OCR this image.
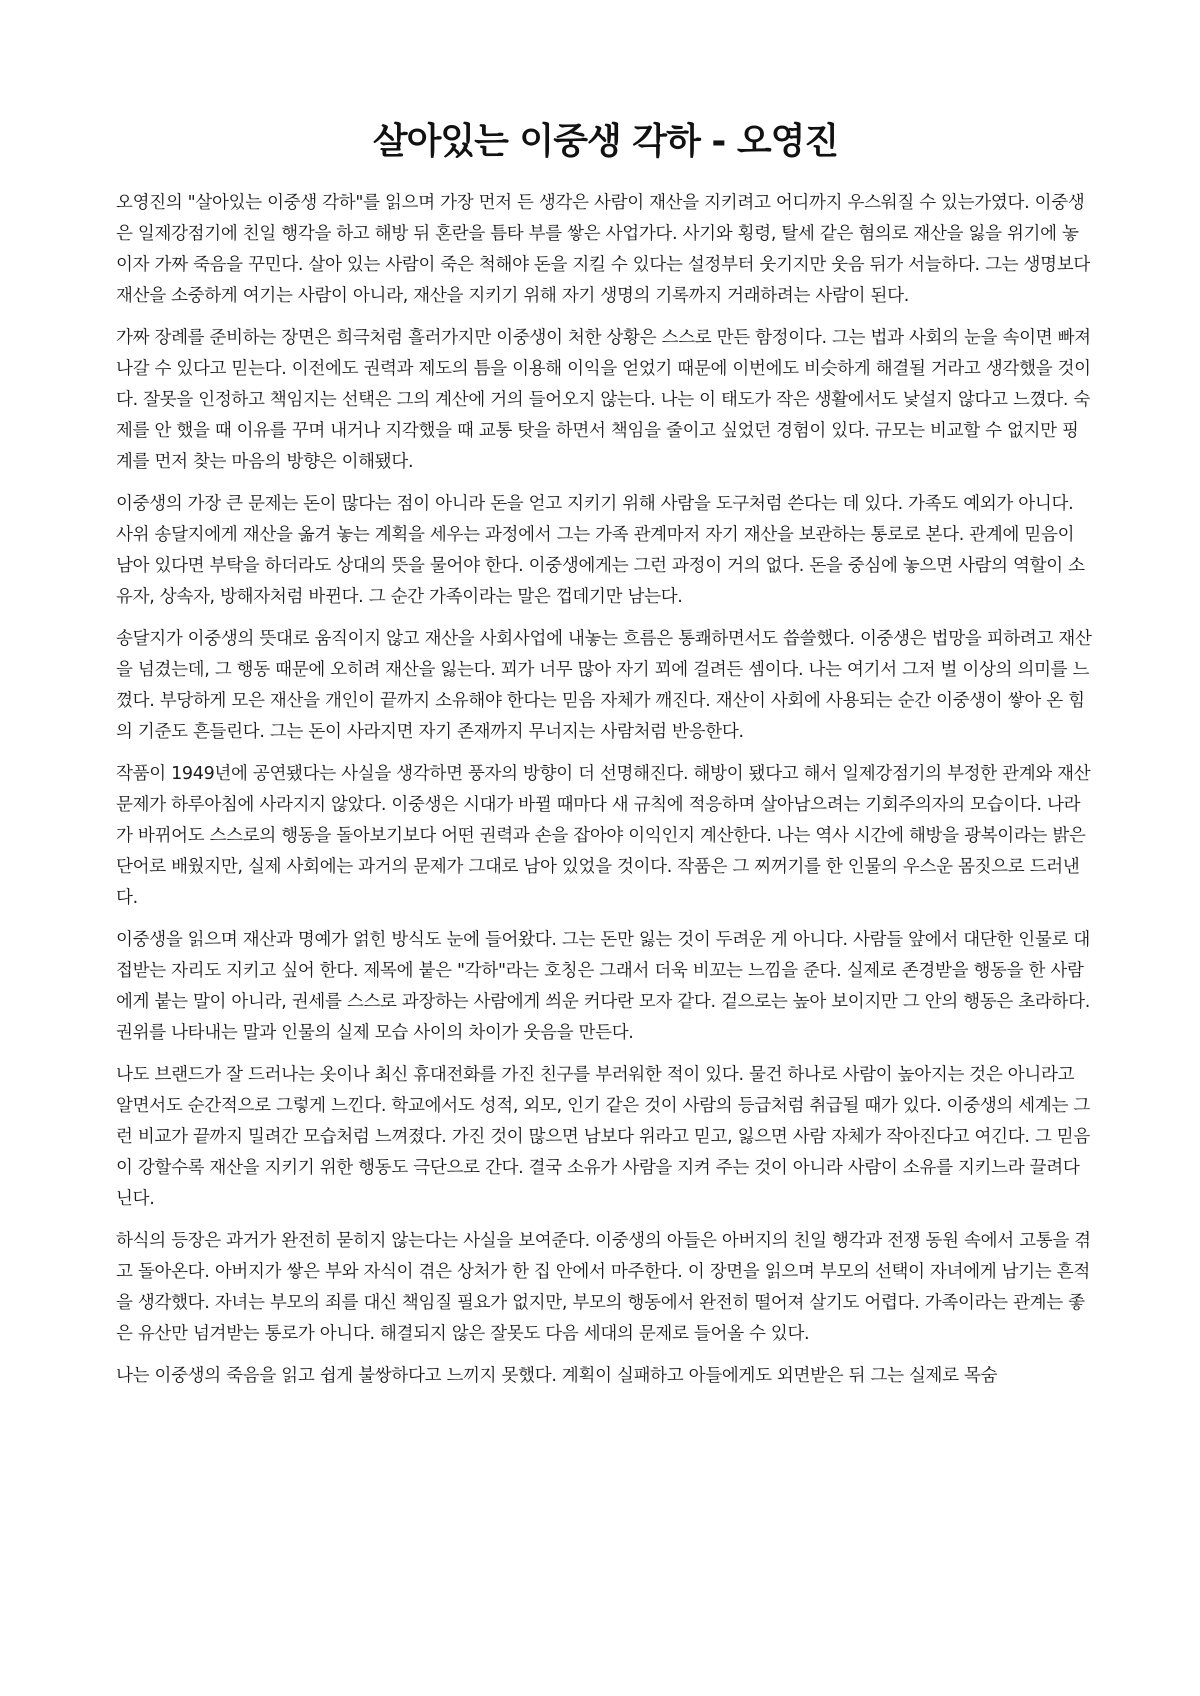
살아있는 이중생 각하 - 오영진

오영진의 "살아있는 이중생 각하"를 읽으며 가장 먼저 든 생각은 사람이 재산을 지키려고 어디까지 우스워질 수 있는가였다. 이중생은 일제강점기에 친일 행각을 하고 해방 뒤 혼란을 틈타 부를 쌓은 사업가다. 사기와 횡령, 탈세 같은 혐의로 재산을 잃을 위기에 놓이자 가짜 죽음을 꾸민다. 살아 있는 사람이 죽은 척해야 돈을 지킬 수 있다는 설정부터 웃기지만 웃음 뒤가 서늘하다. 그는 생명보다 재산을 소중하게 여기는 사람이 아니라, 재산을 지키기 위해 자기 생명의 기록까지 거래하려는 사람이 된다.

가짜 장례를 준비하는 장면은 희극처럼 흘러가지만 이중생이 처한 상황은 스스로 만든 함정이다. 그는 법과 사회의 눈을 속이면 빠져나갈 수 있다고 믿는다. 이전에도 권력과 제도의 틈을 이용해 이익을 얻었기 때문에 이번에도 비슷하게 해결될 거라고 생각했을 것이다. 잘못을 인정하고 책임지는 선택은 그의 계산에 거의 들어오지 않는다. 나는 이 태도가 작은 생활에서도 낯설지 않다고 느꼈다. 숙제를 안 했을 때 이유를 꾸며 내거나 지각했을 때 교통 탓을 하면서 책임을 줄이고 싶었던 경험이 있다. 규모는 비교할 수 없지만 핑계를 먼저 찾는 마음의 방향은 이해됐다.

이중생의 가장 큰 문제는 돈이 많다는 점이 아니라 돈을 얻고 지키기 위해 사람을 도구처럼 쓴다는 데 있다. 가족도 예외가 아니다. 사위 송달지에게 재산을 옮겨 놓는 계획을 세우는 과정에서 그는 가족 관계마저 자기 재산을 보관하는 통로로 본다. 관계에 믿음이 남아 있다면 부탁을 하더라도 상대의 뜻을 물어야 한다. 이중생에게는 그런 과정이 거의 없다. 돈을 중심에 놓으면 사람의 역할이 소유자, 상속자, 방해자처럼 바뀐다. 그 순간 가족이라는 말은 껍데기만 남는다.

송달지가 이중생의 뜻대로 움직이지 않고 재산을 사회사업에 내놓는 흐름은 통쾌하면서도 씁쓸했다. 이중생은 법망을 피하려고 재산을 넘겼는데, 그 행동 때문에 오히려 재산을 잃는다. 꾀가 너무 많아 자기 꾀에 걸려든 셈이다. 나는 여기서 그저 벌 이상의 의미를 느꼈다. 부당하게 모은 재산을 개인이 끝까지 소유해야 한다는 믿음 자체가 깨진다. 재산이 사회에 사용되는 순간 이중생이 쌓아 온 힘의 기준도 흔들린다. 그는 돈이 사라지면 자기 존재까지 무너지는 사람처럼 반응한다.

작품이 1949년에 공연됐다는 사실을 생각하면 풍자의 방향이 더 선명해진다. 해방이 됐다고 해서 일제강점기의 부정한 관계와 재산 문제가 하루아침에 사라지지 않았다. 이중생은 시대가 바뀔 때마다 새 규칙에 적응하며 살아남으려는 기회주의자의 모습이다. 나라가 바뀌어도 스스로의 행동을 돌아보기보다 어떤 권력과 손을 잡아야 이익인지 계산한다. 나는 역사 시간에 해방을 광복이라는 밝은 단어로 배웠지만, 실제 사회에는 과거의 문제가 그대로 남아 있었을 것이다. 작품은 그 찌꺼기를 한 인물의 우스운 몸짓으로 드러낸다.

이중생을 읽으며 재산과 명예가 얽힌 방식도 눈에 들어왔다. 그는 돈만 잃는 것이 두려운 게 아니다. 사람들 앞에서 대단한 인물로 대접받는 자리도 지키고 싶어 한다. 제목에 붙은 "각하"라는 호칭은 그래서 더욱 비꼬는 느낌을 준다. 실제로 존경받을 행동을 한 사람에게 붙는 말이 아니라, 권세를 스스로 과장하는 사람에게 씌운 커다란 모자 같다. 겉으로는 높아 보이지만 그 안의 행동은 초라하다. 권위를 나타내는 말과 인물의 실제 모습 사이의 차이가 웃음을 만든다.

나도 브랜드가 잘 드러나는 옷이나 최신 휴대전화를 가진 친구를 부러워한 적이 있다. 물건 하나로 사람이 높아지는 것은 아니라고 알면서도 순간적으로 그렇게 느낀다. 학교에서도 성적, 외모, 인기 같은 것이 사람의 등급처럼 취급될 때가 있다. 이중생의 세계는 그런 비교가 끝까지 밀려간 모습처럼 느껴졌다. 가진 것이 많으면 남보다 위라고 믿고, 잃으면 사람 자체가 작아진다고 여긴다. 그 믿음이 강할수록 재산을 지키기 위한 행동도 극단으로 간다. 결국 소유가 사람을 지켜 주는 것이 아니라 사람이 소유를 지키느라 끌려다닌다.

하식의 등장은 과거가 완전히 묻히지 않는다는 사실을 보여준다. 이중생의 아들은 아버지의 친일 행각과 전쟁 동원 속에서 고통을 겪고 돌아온다. 아버지가 쌓은 부와 자식이 겪은 상처가 한 집 안에서 마주한다. 이 장면을 읽으며 부모의 선택이 자녀에게 남기는 흔적을 생각했다. 자녀는 부모의 죄를 대신 책임질 필요가 없지만, 부모의 행동에서 완전히 떨어져 살기도 어렵다. 가족이라는 관계는 좋은 유산만 넘겨받는 통로가 아니다. 해결되지 않은 잘못도 다음 세대의 문제로 들어올 수 있다.

나는 이중생의 죽음을 읽고 쉽게 불쌍하다고 느끼지 못했다. 계획이 실패하고 아들에게도 외면받은 뒤 그는 실제로 목숨
